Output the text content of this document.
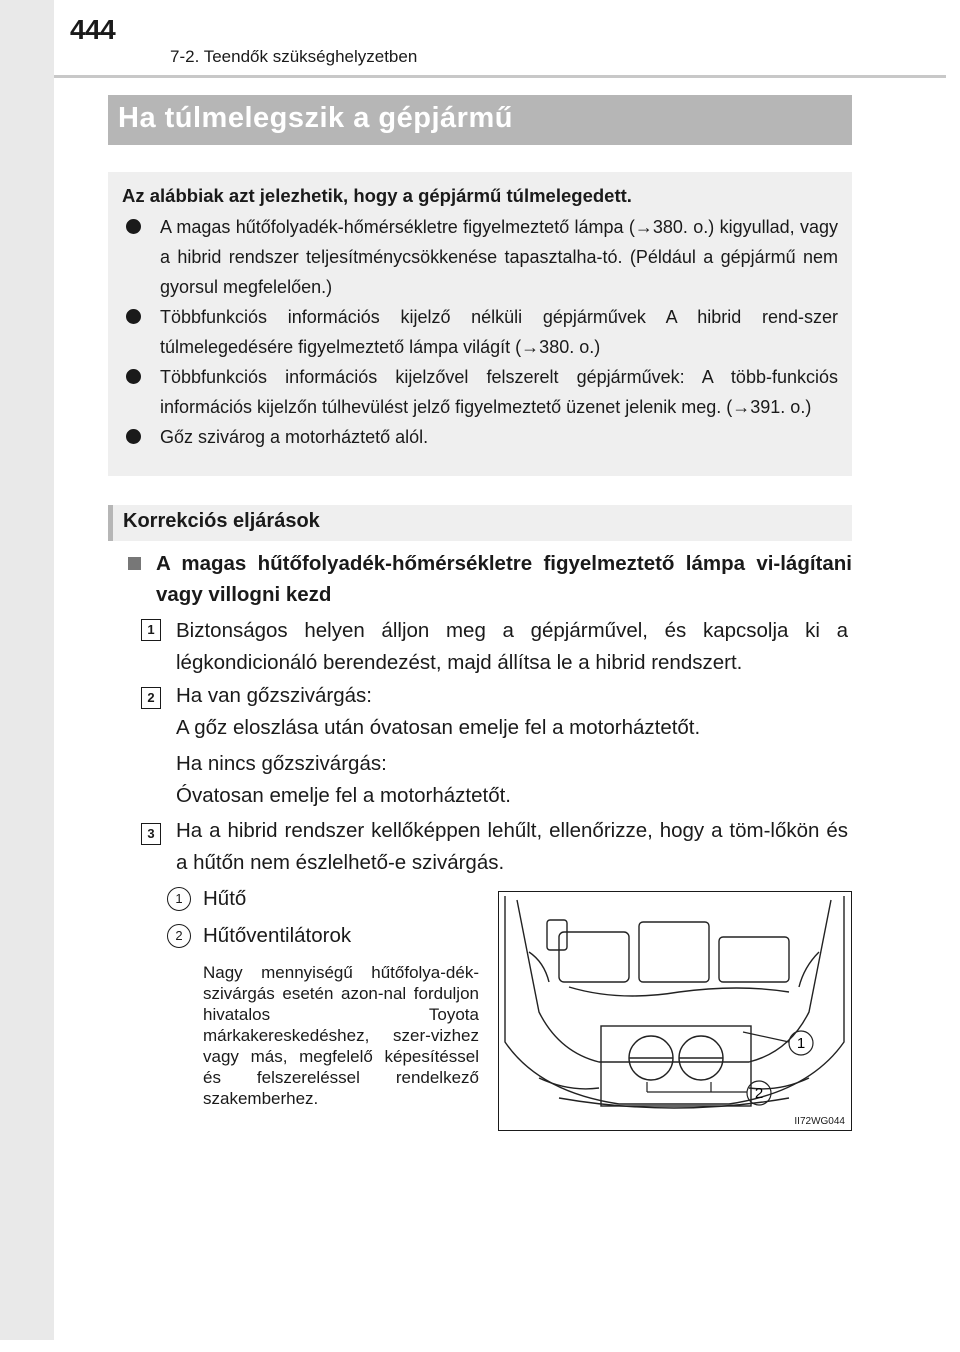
444
7-2. Teendők szükséghelyzetben
Ha túlmelegszik a gépjármű
Az alábbiak azt jelezhetik, hogy a gépjármű túlmelegedett.
A magas hűtőfolyadék-hőmérsékletre figyelmeztető lámpa (→380. o.) kigyullad, vagy a hibrid rendszer teljesítménycsökkenése tapasztalha-tó. (Például a gépjármű nem gyorsul megfelelően.)
Többfunkciós információs kijelző nélküli gépjárművek A hibrid rend-szer túlmelegedésére figyelmeztető lámpa világít (→380. o.)
Többfunkciós információs kijelzővel felszerelt gépjárművek: A több-funkciós információs kijelzőn túlhevülést jelző figyelmeztető üzenet jelenik meg. (→391. o.)
Gőz szivárog a motorháztető alól.
Korrekciós eljárások
A magas hűtőfolyadék-hőmérsékletre figyelmeztető lámpa vi-lágítani vagy villogni kezd
1	Biztonságos helyen álljon meg a gépjárművel, és kapcsolja ki a légkondicionáló berendezést, majd állítsa le a hibrid rendszert.
2	Ha van gőzszivárgás:
A gőz eloszlása után óvatosan emelje fel a motorháztetőt.
Ha nincs gőzszivárgás:
Óvatosan emelje fel a motorháztetőt.
3	Ha a hibrid rendszer kellőképpen lehűlt, ellenőrizze, hogy a töm-lőkön és a hűtőn nem észlelhető-e szivárgás.
1 Hűtő
2 Hűtőventilátorok
Nagy mennyiségű hűtőfolya-dék-szivárgás esetén azon-nal forduljon hivatalos Toyota márkakereskedéshez, szer-vizhez vagy más, megfelelő képesítéssel és felszereléssel rendelkező szakemberhez.
1
2
II72WG044
